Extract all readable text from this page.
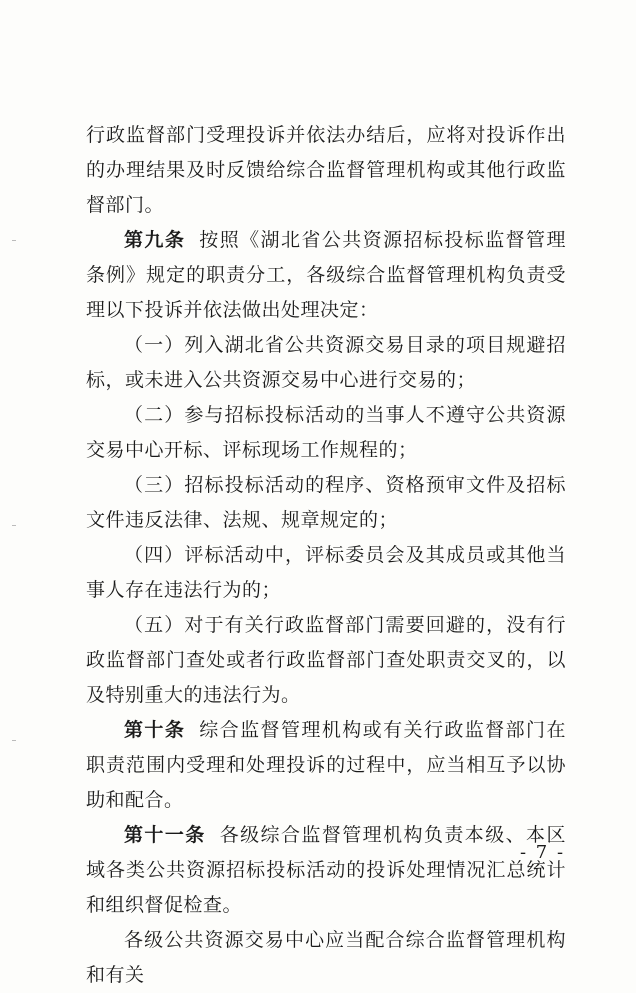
行政监督部门受理投诉并依法办结后，应将对投诉作出的办理结果及时反馈给综合监督管理机构或其他行政监督部门。

第九条 按照《湖北省公共资源招标投标监督管理条例》规定的职责分工，各级综合监督管理机构负责受理以下投诉并依法做出处理决定：

（一）列入湖北省公共资源交易目录的项目规避招标，或未进入公共资源交易中心进行交易的；

（二）参与招标投标活动的当事人不遵守公共资源交易中心开标、评标现场工作规程的；

（三）招标投标活动的程序、资格预审文件及招标文件违反法律、法规、规章规定的；

（四）评标活动中，评标委员会及其成员或其他当事人存在违法行为的；

（五）对于有关行政监督部门需要回避的，没有行政监督部门查处或者行政监督部门查处职责交叉的，以及特别重大的违法行为。

第十条 综合监督管理机构或有关行政监督部门在职责范围内受理和处理投诉的过程中，应当相互予以协助和配合。

第十一条 各级综合监督管理机构负责本级、本区域各类公共资源招标投标活动的投诉处理情况汇总统计和组织督促检查。

各级公共资源交易中心应当配合综合监督管理机构和有关

- 7 -
